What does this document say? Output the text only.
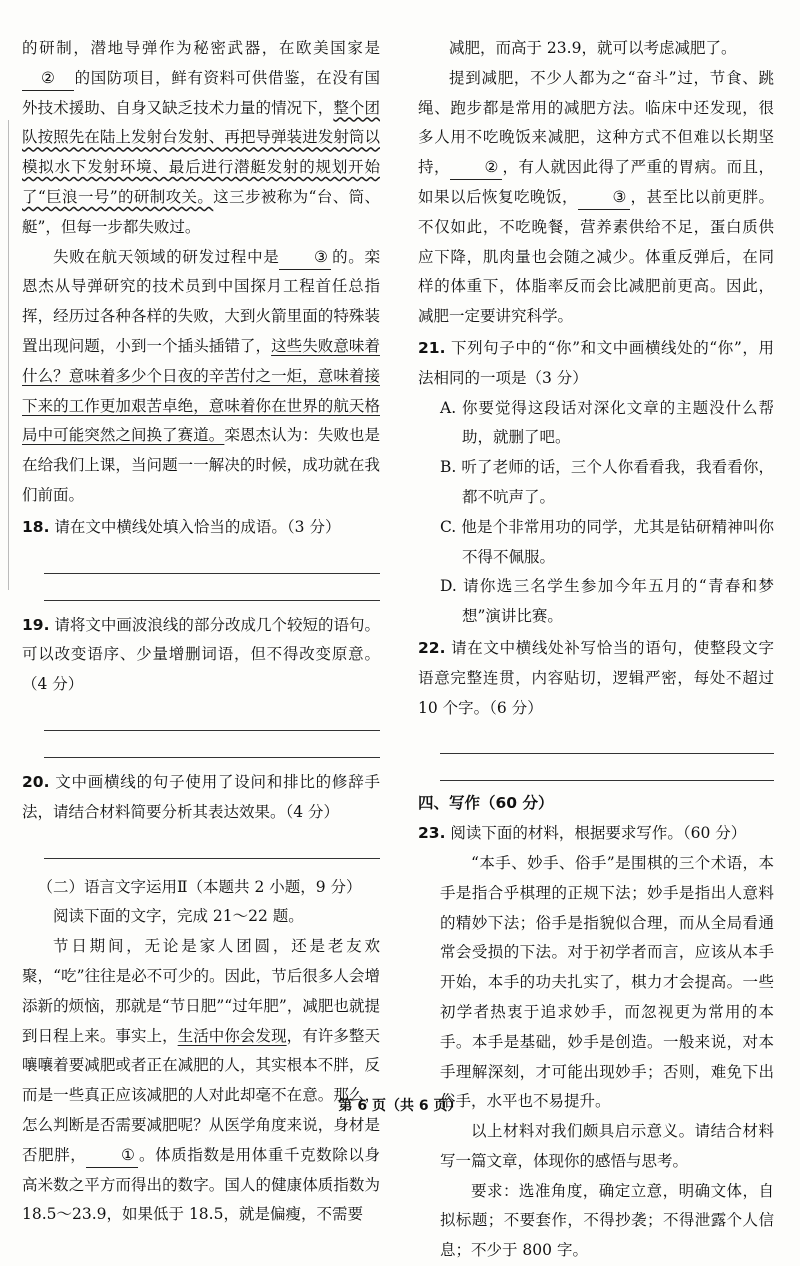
的研制，潜地导弹作为秘密武器，在欧美国家是② 的国防项目，鲜有资料可供借鉴，在没有国外技术援助、自身又缺乏技术力量的情况下，整个团队按照先在陆上发射台发射、再把导弹装进发射筒以模拟水下发射环境、最后进行潜艇发射的规划开始了“巨浪一号”的研制攻关。这三步被称为“台、筒、艇”，但每一步都失败过。

失败在航天领域的研发过程中是 ③ 的。栾恩杰从导弹研究的技术员到中国探月工程首任总指挥，经历过各种各样的失败，大到火箭里面的特殊装置出现问题，小到一个插头插错了，这些失败意味着什么？意味着多少个日夜的辛苦付之一炬，意味着接下来的工作更加艰苦卓绝，意味着你在世界的航天格局中可能突然之间换了赛道。栾恩杰认为：失败也是在给我们上课，当问题一一解决的时候，成功就在我们前面。

18. 请在文中横线处填入恰当的成语。（3 分）

19. 请将文中画波浪线的部分改成几个较短的语句。可以改变语序、少量增删词语，但不得改变原意。（4 分）

20. 文中画横线的句子使用了设问和排比的修辞手法，请结合材料简要分析其表达效果。（4 分）

（二）语言文字运用Ⅱ（本题共 2 小题，9 分）

阅读下面的文字，完成 21～22 题。

节日期间，无论是家人团圆，还是老友欢聚，“吃”往往是必不可少的。因此，节后很多人会增添新的烦恼，那就是“节日肥”“过年肥”，减肥也就提到日程上来。事实上，生活中你会发现，有许多整天嚷嚷着要减肥或者正在减肥的人，其实根本不胖，反而是一些真正应该减肥的人对此却毫不在意。那么，怎么判断是否需要减肥呢？从医学角度来说，身材是否肥胖， ① 。体质指数是用体重千克数除以身高米数之平方而得出的数字。国人的健康体质指数为 18.5～23.9，如果低于 18.5，就是偏瘦，不需要

减肥，而高于 23.9，就可以考虑减肥了。

提到减肥，不少人都为之“奋斗”过，节食、跳绳、跑步都是常用的减肥方法。临床中还发现，很多人用不吃晚饭来减肥，这种方式不但难以长期坚持， ② ，有人就因此得了严重的胃病。而且，如果以后恢复吃晚饭， ③ ，甚至比以前更胖。不仅如此，不吃晚餐，营养素供给不足，蛋白质供应下降，肌肉量也会随之减少。体重反弹后，在同样的体重下，体脂率反而会比减肥前更高。因此，减肥一定要讲究科学。

21. 下列句子中的“你”和文中画横线处的“你”，用法相同的一项是（3 分）

A. 你要觉得这段话对深化文章的主题没什么帮助，就删了吧。

B. 听了老师的话，三个人你看看我，我看看你，都不吭声了。

C. 他是个非常用功的同学，尤其是钻研精神叫你不得不佩服。

D. 请你选三名学生参加今年五月的“青春和梦想”演讲比赛。

22. 请在文中横线处补写恰当的语句，使整段文字语意完整连贯，内容贴切，逻辑严密，每处不超过 10 个字。（6 分）

四、写作（60 分）

23. 阅读下面的材料，根据要求写作。（60 分）

“本手、妙手、俗手”是围棋的三个术语，本手是指合乎棋理的正规下法；妙手是指出人意料的精妙下法；俗手是指貌似合理，而从全局看通常会受损的下法。对于初学者而言，应该从本手开始，本手的功夫扎实了，棋力才会提高。一些初学者热衷于追求妙手，而忽视更为常用的本手。本手是基础，妙手是创造。一般来说，对本手理解深刻，才可能出现妙手；否则，难免下出俗手，水平也不易提升。

以上材料对我们颇具启示意义。请结合材料写一篇文章，体现你的感悟与思考。

要求：选准角度，确定立意，明确文体，自拟标题；不要套作，不得抄袭；不得泄露个人信息；不少于 800 字。

第 6 页（共 6 页）
